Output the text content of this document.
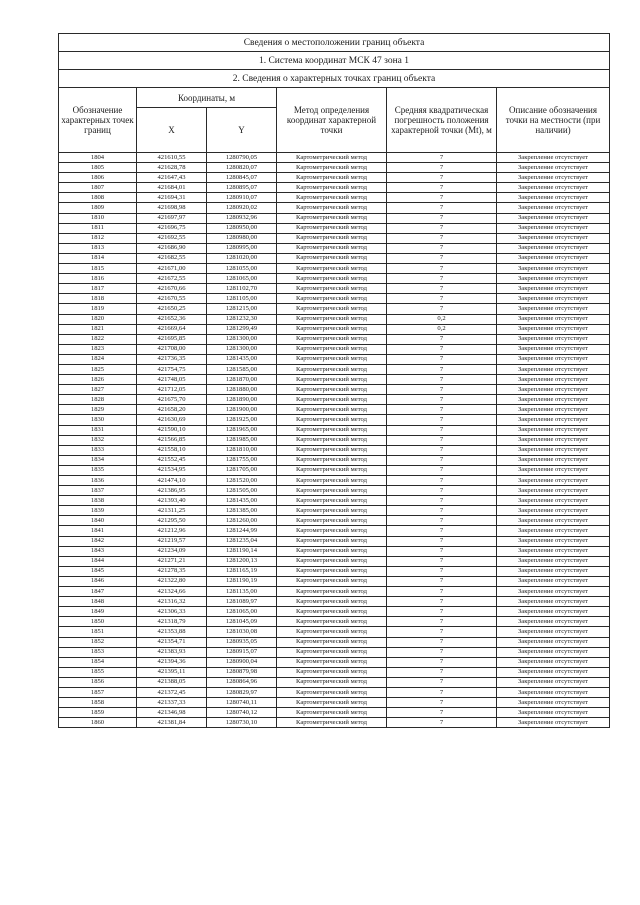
Сведения о местоположении границ объекта					
1. Система координат МСК 47 зона 1					
2. Сведения о характерных точках границ объекта					
Обозначение характерных точек границ	Координаты, м		Метод определения координат характерной точки	Средняя квадратическая погрешность положения характерной точки (Mt), м	Описание обозначения точки на местности (при наличии)
	X	Y			
1804	421610,55	1280790,05	Картометрический метод	7	Закрепление отсутствует
1805	421628,78	1280820,07	Картометрический метод	7	Закрепление отсутствует
1806	421647,43	1280845,07	Картометрический метод	7	Закрепление отсутствует
1807	421684,01	1280895,07	Картометрический метод	7	Закрепление отсутствует
1808	421694,31	1280910,07	Картометрический метод	7	Закрепление отсутствует
1809	421698,98	1280920,02	Картометрический метод	7	Закрепление отсутствует
1810	421697,97	1280932,96	Картометрический метод	7	Закрепление отсутствует
1811	421696,75	1280950,00	Картометрический метод	7	Закрепление отсутствует
1812	421692,55	1280980,00	Картометрический метод	7	Закрепление отсутствует
1813	421686,90	1280995,00	Картометрический метод	7	Закрепление отсутствует
1814	421682,55	1281020,00	Картометрический метод	7	Закрепление отсутствует
1815	421671,00	1281055,00	Картометрический метод	7	Закрепление отсутствует
1816	421672,55	1281065,00	Картометрический метод	7	Закрепление отсутствует
1817	421670,66	1281102,70	Картометрический метод	7	Закрепление отсутствует
1818	421670,55	1281105,00	Картометрический метод	7	Закрепление отсутствует
1819	421650,25	1281215,00	Картометрический метод	7	Закрепление отсутствует
1820	421652,36	1281232,30	Картометрический метод	0,2	Закрепление отсутствует
1821	421669,64	1281299,49	Картометрический метод	0,2	Закрепление отсутствует
1822	421695,85	1281300,00	Картометрический метод	7	Закрепление отсутствует
1823	421708,00	1281300,00	Картометрический метод	7	Закрепление отсутствует
1824	421736,35	1281435,00	Картометрический метод	7	Закрепление отсутствует
1825	421754,75	1281585,00	Картометрический метод	7	Закрепление отсутствует
1826	421748,05	1281870,00	Картометрический метод	7	Закрепление отсутствует
1827	421712,05	1281880,00	Картометрический метод	7	Закрепление отсутствует
1828	421675,70	1281890,00	Картометрический метод	7	Закрепление отсутствует
1829	421658,20	1281900,00	Картометрический метод	7	Закрепление отсутствует
1830	421630,69	1281925,00	Картометрический метод	7	Закрепление отсутствует
1831	421590,10	1281965,00	Картометрический метод	7	Закрепление отсутствует
1832	421566,85	1281985,00	Картометрический метод	7	Закрепление отсутствует
1833	421558,10	1281810,00	Картометрический метод	7	Закрепление отсутствует
1834	421552,45	1281755,00	Картометрический метод	7	Закрепление отсутствует
1835	421534,95	1281705,00	Картометрический метод	7	Закрепление отсутствует
1836	421474,10	1281520,00	Картометрический метод	7	Закрепление отсутствует
1837	421386,95	1281505,00	Картометрический метод	7	Закрепление отсутствует
1838	421393,40	1281435,00	Картометрический метод	7	Закрепление отсутствует
1839	421311,25	1281385,00	Картометрический метод	7	Закрепление отсутствует
1840	421295,50	1281260,00	Картометрический метод	7	Закрепление отсутствует
1841	421212,96	1281244,99	Картометрический метод	7	Закрепление отсутствует
1842	421219,57	1281235,04	Картометрический метод	7	Закрепление отсутствует
1843	421234,09	1281190,14	Картометрический метод	7	Закрепление отсутствует
1844	421271,21	1281200,13	Картометрический метод	7	Закрепление отсутствует
1845	421278,35	1281165,19	Картометрический метод	7	Закрепление отсутствует
1846	421322,80	1281190,19	Картометрический метод	7	Закрепление отсутствует
1847	421324,66	1281135,00	Картометрический метод	7	Закрепление отсутствует
1848	421316,32	1281089,97	Картометрический метод	7	Закрепление отсутствует
1849	421306,33	1281065,00	Картометрический метод	7	Закрепление отсутствует
1850	421318,79	1281045,09	Картометрический метод	7	Закрепление отсутствует
1851	421353,88	1281030,08	Картометрический метод	7	Закрепление отсутствует
1852	421354,71	1280935,05	Картометрический метод	7	Закрепление отсутствует
1853	421383,93	1280915,07	Картометрический метод	7	Закрепление отсутствует
1854	421394,36	1280900,04	Картометрический метод	7	Закрепление отсутствует
1855	421395,11	1280879,98	Картометрический метод	7	Закрепление отсутствует
1856	421388,05	1280864,96	Картометрический метод	7	Закрепление отсутствует
1857	421372,45	1280829,97	Картометрический метод	7	Закрепление отсутствует
1858	421337,33	1280740,11	Картометрический метод	7	Закрепление отсутствует
1859	421346,98	1280740,12	Картометрический метод	7	Закрепление отсутствует
1860	421381,84	1280730,10	Картометрический метод	7	Закрепление отсутствует
